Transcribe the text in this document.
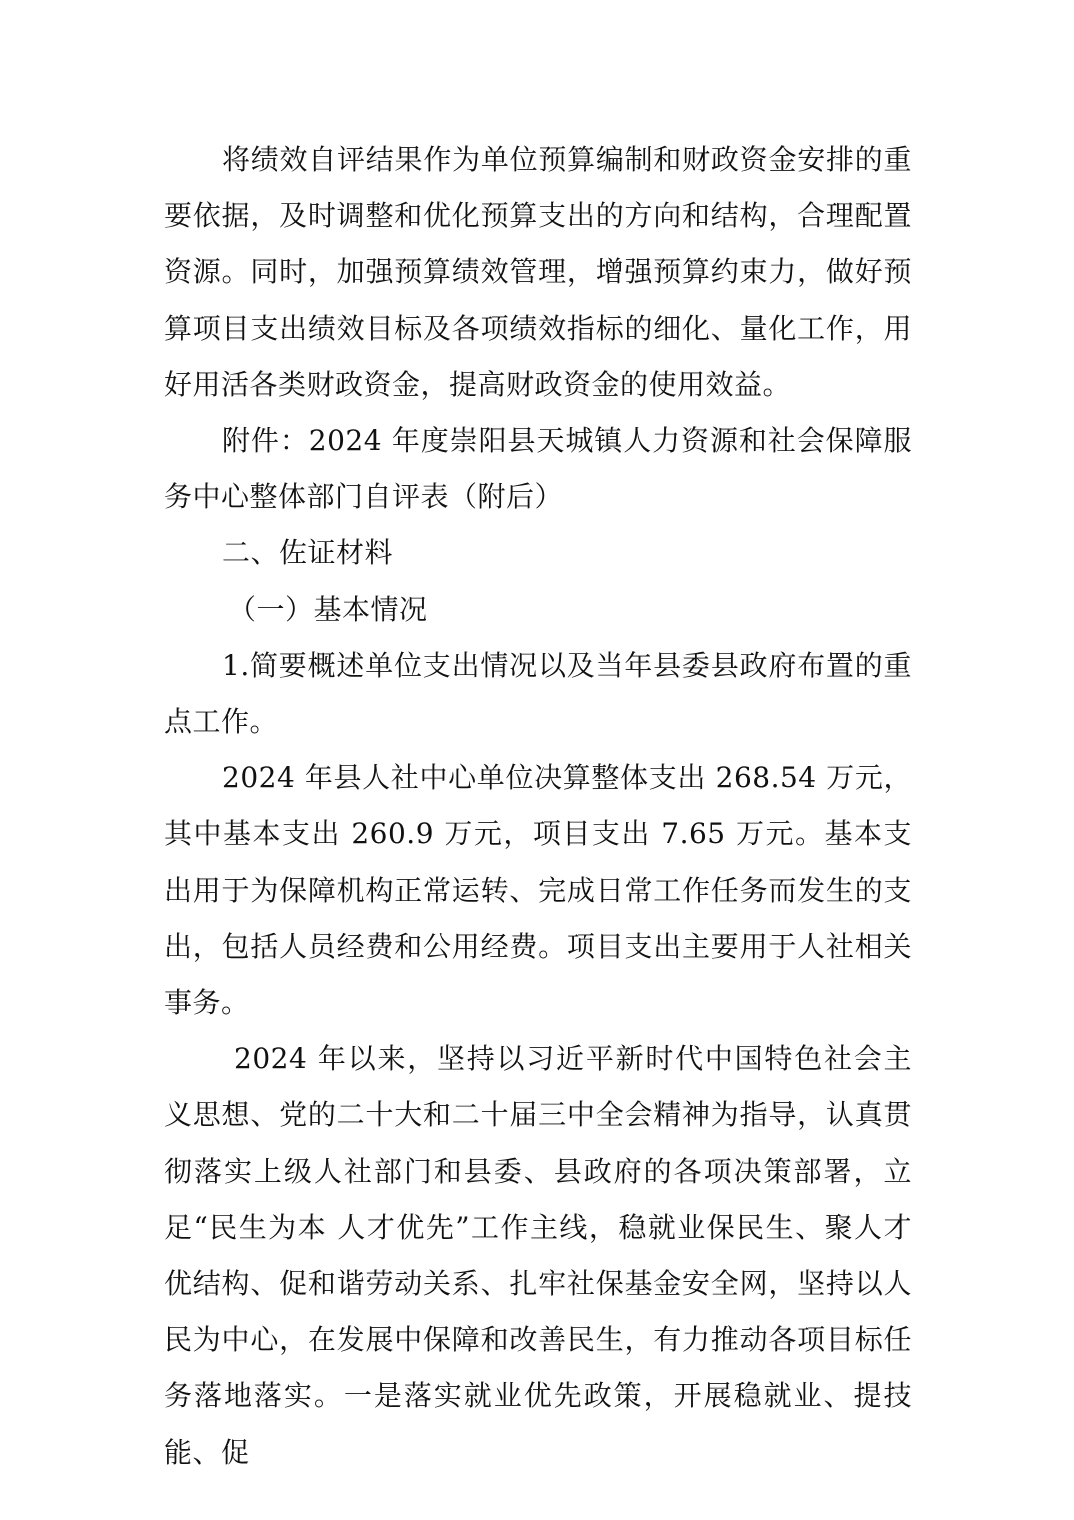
将绩效自评结果作为单位预算编制和财政资金安排的重要依据，及时调整和优化预算支出的方向和结构，合理配置资源。同时，加强预算绩效管理，增强预算约束力，做好预算项目支出绩效目标及各项绩效指标的细化、量化工作，用好用活各类财政资金，提高财政资金的使用效益。

附件：2024 年度崇阳县天城镇人力资源和社会保障服务中心整体部门自评表（附后）

二、佐证材料

（一）基本情况

1.简要概述单位支出情况以及当年县委县政府布置的重点工作。

2024 年县人社中心单位决算整体支出 268.54 万元，其中基本支出 260.9 万元，项目支出 7.65 万元。基本支出用于为保障机构正常运转、完成日常工作任务而发生的支出，包括人员经费和公用经费。项目支出主要用于人社相关事务。

2024 年以来，坚持以习近平新时代中国特色社会主义思想、党的二十大和二十届三中全会精神为指导，认真贯彻落实上级人社部门和县委、县政府的各项决策部署，立足“民生为本 人才优先”工作主线，稳就业保民生、聚人才优结构、促和谐劳动关系、扎牢社保基金安全网，坚持以人民为中心，在发展中保障和改善民生，有力推动各项目标任务落地落实。一是落实就业优先政策，开展稳就业、提技能、促
